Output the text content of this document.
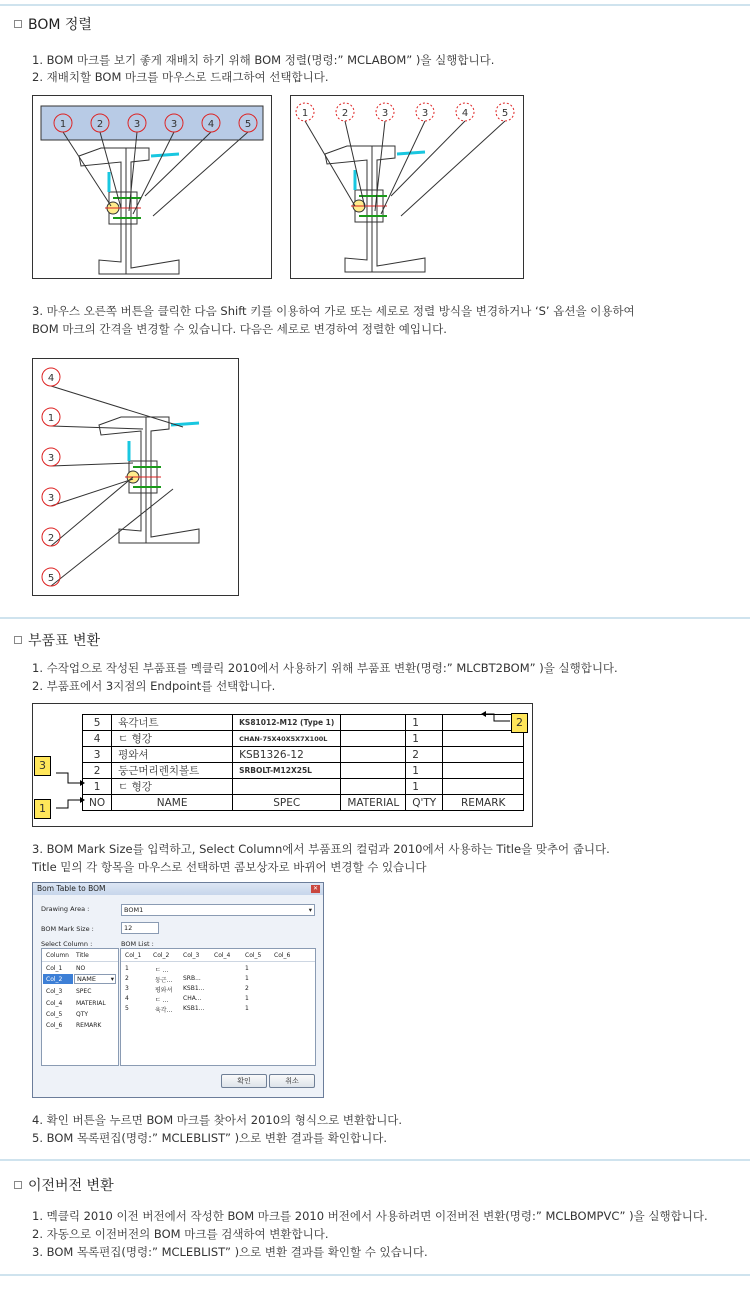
BOM 정렬
1. BOM 마크를 보기 좋게 재배치 하기 위해 BOM 정렬(명령:” MCLABOM” )을 실행합니다.
2. 재배치할 BOM 마크를 마우스로 드래그하여 선택합니다.
1	2	3	3	4	5
1	2	3	3	4	5
3. 마우스 오른쪽 버튼을 클릭한 다음 Shift 키를 이용하여 가로 또는 세로로 정렬 방식을 변경하거나 ‘S’ 옵션을 이용하여
BOM 마크의 간격을 변경할 수 있습니다. 다음은 세로로 변경하여 정렬한 예입니다.
4
1
3
3
2
5
부품표 변환
1. 수작업으로 작성된 부품표를 멕클릭 2010에서 사용하기 위해 부품표 변환(명령:” MLCBT2BOM” )을 실행합니다.
2. 부품표에서 3지점의 Endpoint를 선택합니다.
5	육각너트	KS81012-M12 (Type 1)		1	
4	ㄷ 형강	CHAN-75X40X5X7X100L		1	
3	평와셔	KSB1326-12		2	
2	둥근머리렌치볼트	SRBOLT-M12X25L		1	
1	ㄷ 형강			1	
NO	NAME	SPEC	MATERIAL	Q'TY	REMARK
3
1
2
3. BOM Mark Size를 입력하고, Select Column에서 부품표의 컬럼과 2010에서 사용하는 Title을 맞추어 줍니다.
Title 밑의 각 항목을 마우스로 선택하면 콤보상자로 바뀌어 변경할 수 있습니다
Bom Table to BOM	✕
Drawing Area :	BOM1	▾
BOM Mark Size :	12
Select Column :	BOM List :
Column Title
Col_1 NO
Col_2	NAME ▾
Col_3 SPEC
Col_4 MATERIAL
Col_5 QTY
Col_6 REMARK
Col_1 Col_2 Col_3 Col_4 Col_5 Col_6
1	ㄷ ...	1
2	둥근... SRB...	1
3	평와셔 KSB1...	2
4	ㄷ ... CHA...	1
5	육각... KSB1...	1
확인	취소
4. 확인 버튼을 누르면 BOM 마크를 찾아서 2010의 형식으로 변환합니다.
5. BOM 목록편집(명령:” MCLEBLIST” )으로 변환 결과를 확인합니다.
이전버전 변환
1. 멕클릭 2010 이전 버전에서 작성한 BOM 마크를 2010 버전에서 사용하려면 이전버전 변환(명령:” MCLBOMPVC” )을 실행합니다.
2. 자동으로 이전버전의 BOM 마크를 검색하여 변환합니다.
3. BOM 목록편집(명령:” MCLEBLIST” )으로 변환 결과를 확인할 수 있습니다.
